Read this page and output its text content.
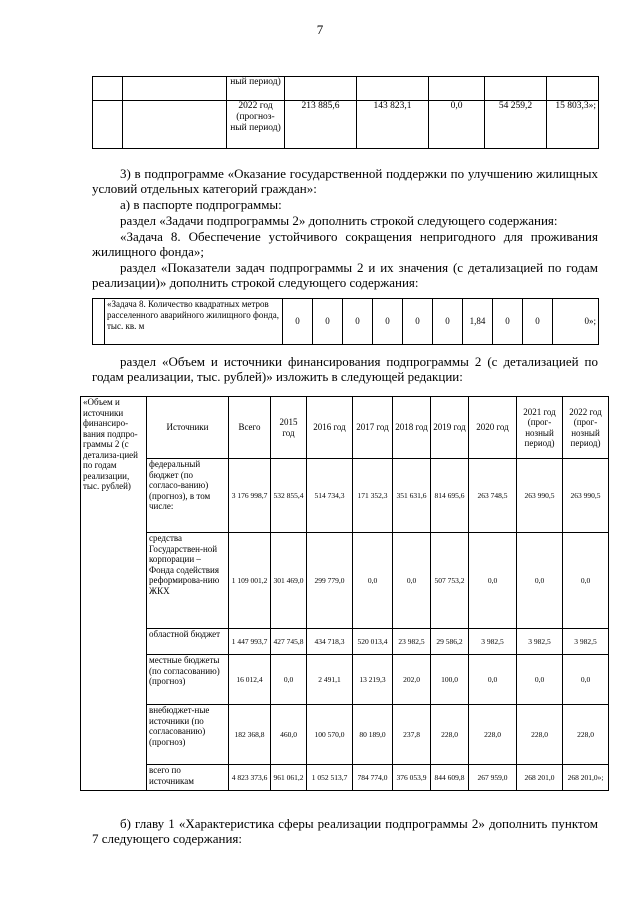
7
		ный период)					
		2022 год (прогноз-ный период)	213 885,6	143 823,1	0,0	54 259,2	15 803,3»;
3) в подпрограмме «Оказание государственной поддержки по улучшению жилищных условий отдельных категорий граждан»:
а) в паспорте подпрограммы:
раздел «Задачи подпрограммы 2» дополнить строкой следующего содержания:
«Задача 8. Обеспечение устойчивого сокращения непригодного для проживания жилищного фонда»;
раздел «Показатели задач подпрограммы 2 и их значения (с детализацией по годам реализации)» дополнить строкой следующего содержания:
	«Задача 8. Количество квадратных метров расселенного аварийного жилищного фонда, тыс. кв. м	0	0	0	0	0	0	1,84	0	0	0»;
раздел «Объем и источники финансирования подпрограммы 2 (с детализацией по годам реализации, тыс. рублей)» изложить в следующей редакции:
«Объем и источники финансиро-вания подпро-граммы 2 (с детализа-цией по годам реализации, тыс. рублей)	Источники	Всего	2015 год	2016 год	2017 год	2018 год	2019 год	2020 год	2021 год (прог-нозный период)	2022 год (прог-нозный период)
	федеральный бюджет (по согласо-ванию) (прогноз), в том числе:	3 176 998,7	532 855,4	514 734,3	171 352,3	351 631,6	814 695,6	263 748,5	263 990,5	263 990,5
	средства Государствен-ной корпорации – Фонда содействия реформирова-нию ЖКХ	1 109 001,2	301 469,0	299 779,0	0,0	0,0	507 753,2	0,0	0,0	0,0
	областной бюджет	1 447 993,7	427 745,8	434 718,3	520 013,4	23 982,5	29 586,2	3 982,5	3 982,5	3 982,5
	местные бюджеты (по согласованию) (прогноз)	16 012,4	0,0	2 491,1	13 219,3	202,0	100,0	0,0	0,0	0,0
	внебюджет-ные источники (по согласованию) (прогноз)	182 368,8	460,0	100 570,0	80 189,0	237,8	228,0	228,0	228,0	228,0
	всего по источникам	4 823 373,6	961 061,2	1 052 513,7	784 774,0	376 053,9	844 609,8	267 959,0	268 201,0	268 201,0»;
б) главу 1 «Характеристика сферы реализации подпрограммы 2» дополнить пунктом 7 следующего содержания:
